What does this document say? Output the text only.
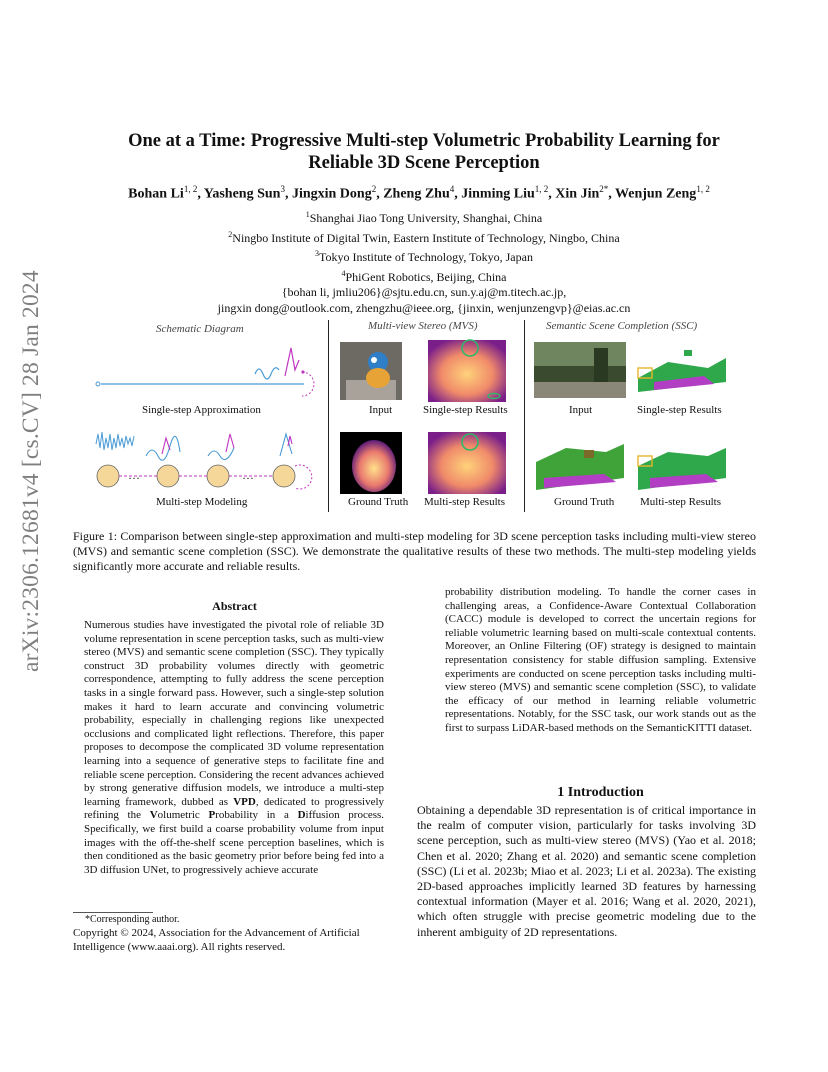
arXiv:2306.12681v4 [cs.CV] 28 Jan 2024
One at a Time: Progressive Multi-step Volumetric Probability Learning for
Reliable 3D Scene Perception
Bohan Li$^{1, 2}$, Yasheng Sun$^3$, Jingxin Dong$^2$, Zheng Zhu$^4$, Jinming Liu$^{1, 2}$, Xin Jin$^{2*}$, Wenjun Zeng$^{1, 2}$
$^1$Shanghai Jiao Tong University, Shanghai, China
$^2$Ningbo Institute of Digital Twin, Eastern Institute of Technology, Ningbo, China
$^3$Tokyo Institute of Technology, Tokyo, Japan
$^4$PhiGent Robotics, Beijing, China
{bohan li, jmliu206}@sjtu.edu.cn, sun.y.aj@m.titech.ac.jp,
jingxin dong@outlook.com, zhengzhu@ieee.org, {jinxin, wenjunzengvp}@eias.ac.cn
Schematic Diagram	Multi-view Stereo (MVS)	Semantic Scene Completion (SSC)
···	···
Single-step Approximation
Multi-step Modeling
Input	Single-step Results
Ground Truth Multi-step Results
Input	Single-step Results
Ground Truth Multi-step Results
Figure 1: Comparison between single-step approximation and multi-step modeling for 3D scene perception tasks including multi-view stereo (MVS) and semantic scene completion (SSC). We demonstrate the qualitative results of these two methods. The multi-step modeling yields significantly more accurate and reliable results.
Abstract
Numerous studies have investigated the pivotal role of reliable 3D volume representation in scene perception tasks, such as multi-view stereo (MVS) and semantic scene completion (SSC). They typically construct 3D probability volumes directly with geometric correspondence, attempting to fully address the scene perception tasks in a single forward pass. However, such a single-step solution makes it hard to learn accurate and convincing volumetric probability, especially in challenging regions like unexpected occlusions and complicated light reflections. Therefore, this paper proposes to decompose the complicated 3D volume representation learning into a sequence of generative steps to facilitate fine and reliable scene perception. Considering the recent advances achieved by strong generative diffusion models, we introduce a multi-step learning framework, dubbed as VPD, dedicated to progressively refining the Volumetric Probability in a Diffusion process. Specifically, we first build a coarse probability volume from input images with the off-the-shelf scene perception baselines, which is then conditioned as the basic geometry prior before being fed into a 3D diffusion UNet, to progressively achieve accurate
probability distribution modeling. To handle the corner cases in challenging areas, a Confidence-Aware Contextual Collaboration (CACC) module is developed to correct the uncertain regions for reliable volumetric learning based on multi-scale contextual contents. Moreover, an Online Filtering (OF) strategy is designed to maintain representation consistency for stable diffusion sampling. Extensive experiments are conducted on scene perception tasks including multi-view stereo (MVS) and semantic scene completion (SSC), to validate the efficacy of our method in learning reliable volumetric representations. Notably, for the SSC task, our work stands out as the first to surpass LiDAR-based methods on the SemanticKITTI dataset.
*Corresponding author.
Copyright © 2024, Association for the Advancement of Artificial Intelligence (www.aaai.org). All rights reserved.
1 Introduction
Obtaining a dependable 3D representation is of critical importance in the realm of computer vision, particularly for tasks involving 3D scene perception, such as multi-view stereo (MVS) (Yao et al. 2018; Chen et al. 2020; Zhang et al. 2020) and semantic scene completion (SSC) (Li et al. 2023b; Miao et al. 2023; Li et al. 2023a). The existing 2D-based approaches implicitly learned 3D features by harnessing contextual information (Mayer et al. 2016; Wang et al. 2020, 2021), which often struggle with precise geometric modeling due to the inherent ambiguity of 2D representations.
